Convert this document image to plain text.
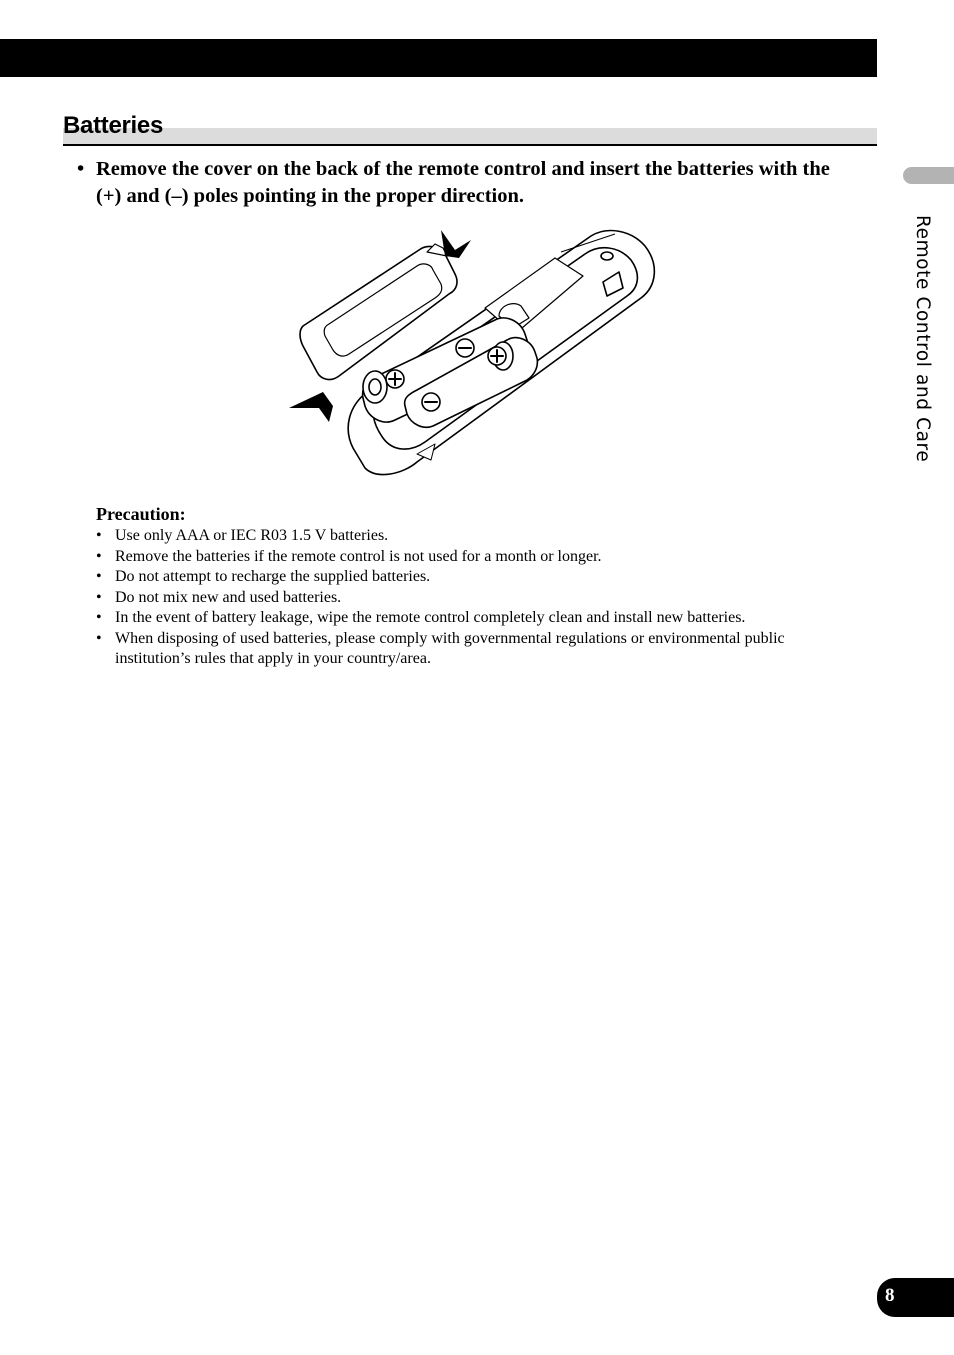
Batteries
• Remove the cover on the back of the remote control and insert the batteries with the (+) and (–) poles pointing in the proper direction.
Precaution:
• Use only AAA or IEC R03 1.5 V batteries.
• Remove the batteries if the remote control is not used for a month or longer.
• Do not attempt to recharge the supplied batteries.
• Do not mix new and used batteries.
• In the event of battery leakage, wipe the remote control completely clean and install new batteries.
• When disposing of used batteries, please comply with governmental regulations or environmental public institution’s rules that apply in your country/area.
Remote Control and Care
8
